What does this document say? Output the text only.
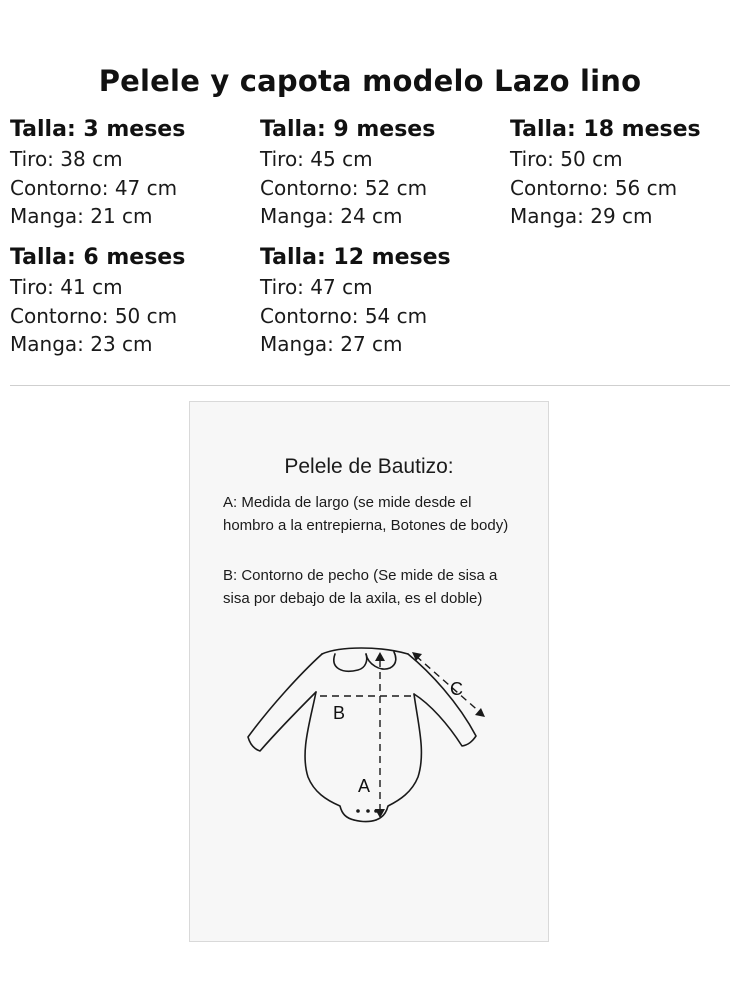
Pelele y capota modelo Lazo lino
Talla: 3 meses
Tiro: 38 cm
Contorno: 47 cm
Manga: 21 cm
Talla: 9 meses
Tiro: 45 cm
Contorno: 52 cm
Manga: 24 cm
Talla: 18 meses
Tiro: 50 cm
Contorno: 56 cm
Manga: 29 cm
Talla: 6 meses
Tiro: 41 cm
Contorno: 50 cm
Manga: 23 cm
Talla: 12 meses
Tiro: 47 cm
Contorno: 54 cm
Manga: 27 cm
Pelele de Bautizo:
A: Medida de largo (se mide desde el hombro a la entrepierna, Botones de body)
B: Contorno de pecho (Se mide de sisa a sisa por debajo de la axila, es el doble)
B
A
C
